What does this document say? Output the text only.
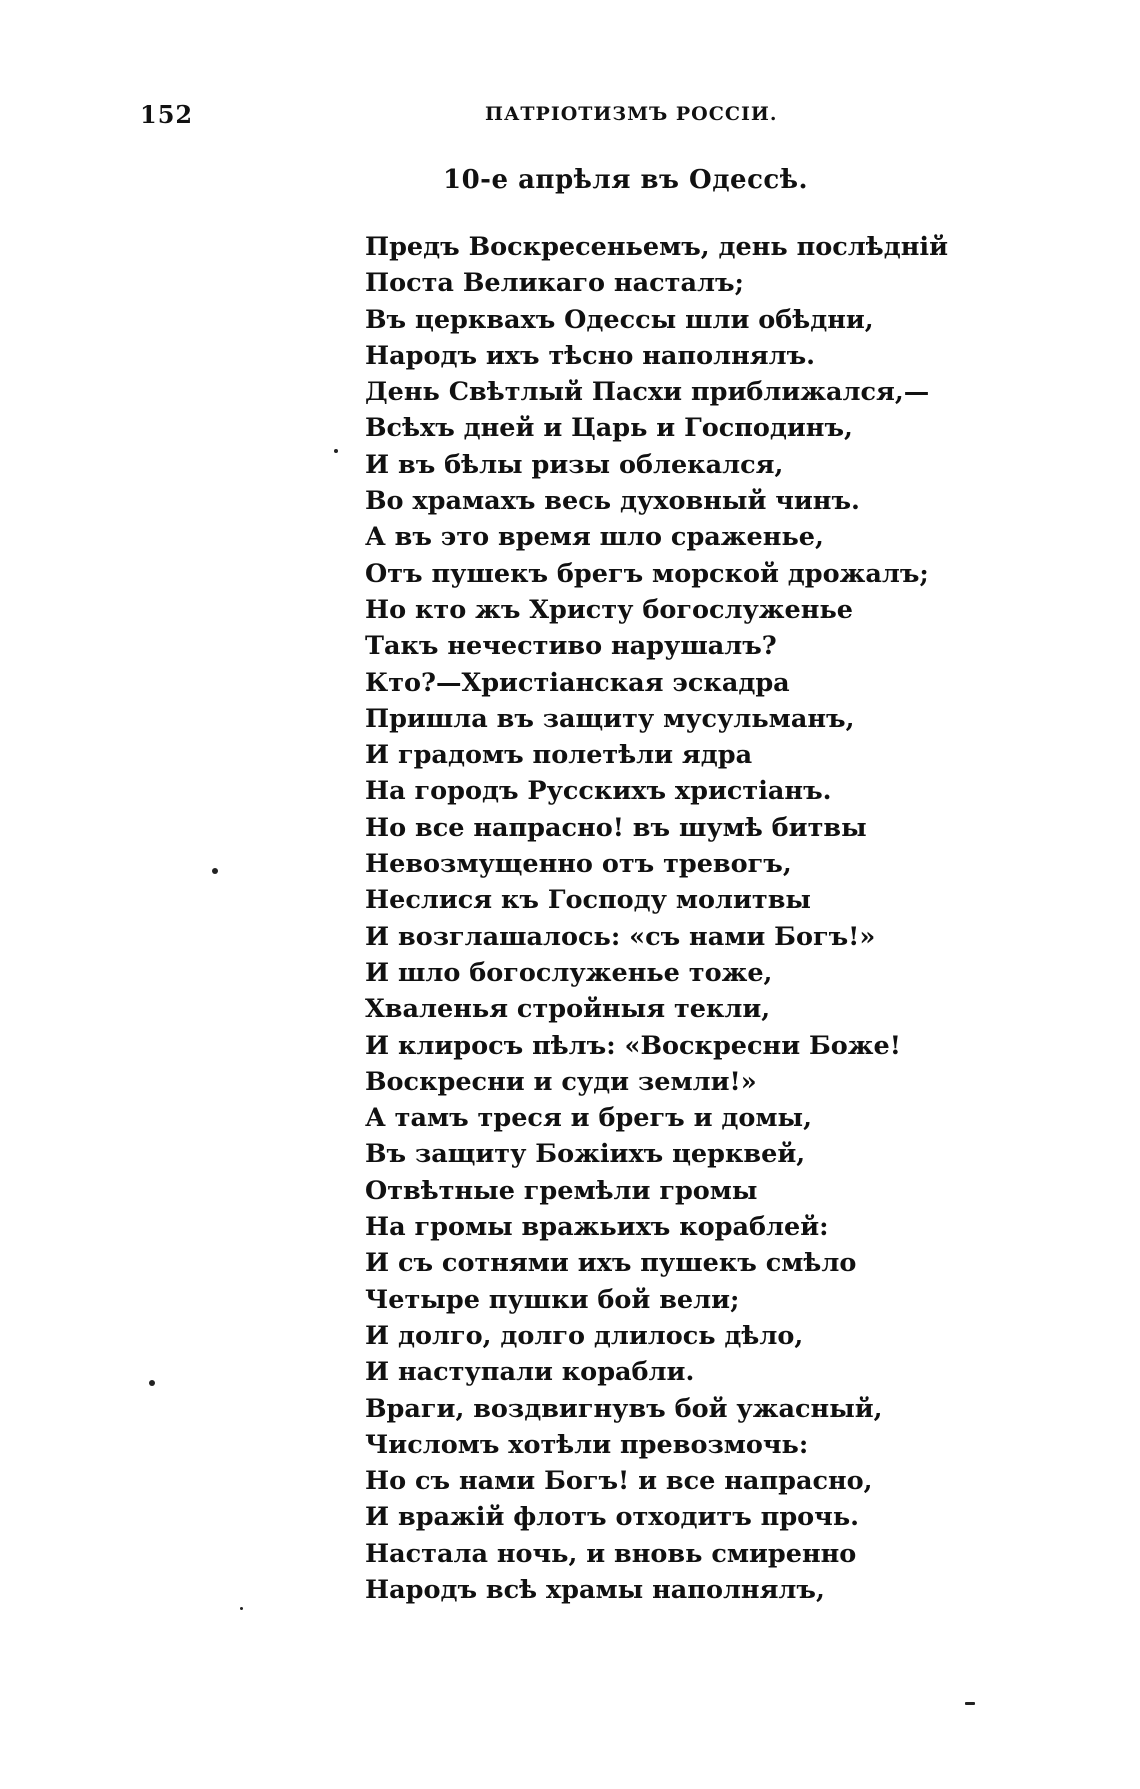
152	ПАТРІОТИЗМЪ РОССІИ.
10-е апрѣля въ Одессѣ.
Предъ Воскресеньемъ, день послѣдній
Поста Великаго насталъ;
Въ церквахъ Одессы шли обѣдни,
Народъ ихъ тѣсно наполнялъ.
День Свѣтлый Пасхи приближался,—
Всѣхъ дней и Царь и Господинъ,
И въ бѣлы ризы облекался,
Во храмахъ весь духовный чинъ.
А въ это время шло сраженье,
Отъ пушекъ брегъ морской дрожалъ;
Но кто жъ Христу богослуженье
Такъ нечестиво нарушалъ?
Кто?—Христіанская эскадра
Пришла въ защиту мусульманъ,
И градомъ полетѣли ядра
На городъ Русскихъ христіанъ.
Но все напрасно! въ шумѣ битвы
Невозмущенно отъ тревогъ,
Неслися къ Господу молитвы
И возглашалось: «съ нами Богъ!»
И шло богослуженье тоже,
Хваленья стройныя текли,
И клиросъ пѣлъ: «Воскресни Боже!
Воскресни и суди земли!»
А тамъ треся и брегъ и домы,
Въ защиту Божіихъ церквей,
Отвѣтные гремѣли громы
На громы вражьихъ кораблей:
И съ сотнями ихъ пушекъ смѣло
Четыре пушки бой вели;
И долго, долго длилось дѣло,
И наступали корабли.
Враги, воздвигнувъ бой ужасный,
Числомъ хотѣли превозмочь:
Но съ нами Богъ! и все напрасно,
И вражій флотъ отходитъ прочь.
Настала ночь, и вновь смиренно
Народъ всѣ храмы наполнялъ,
